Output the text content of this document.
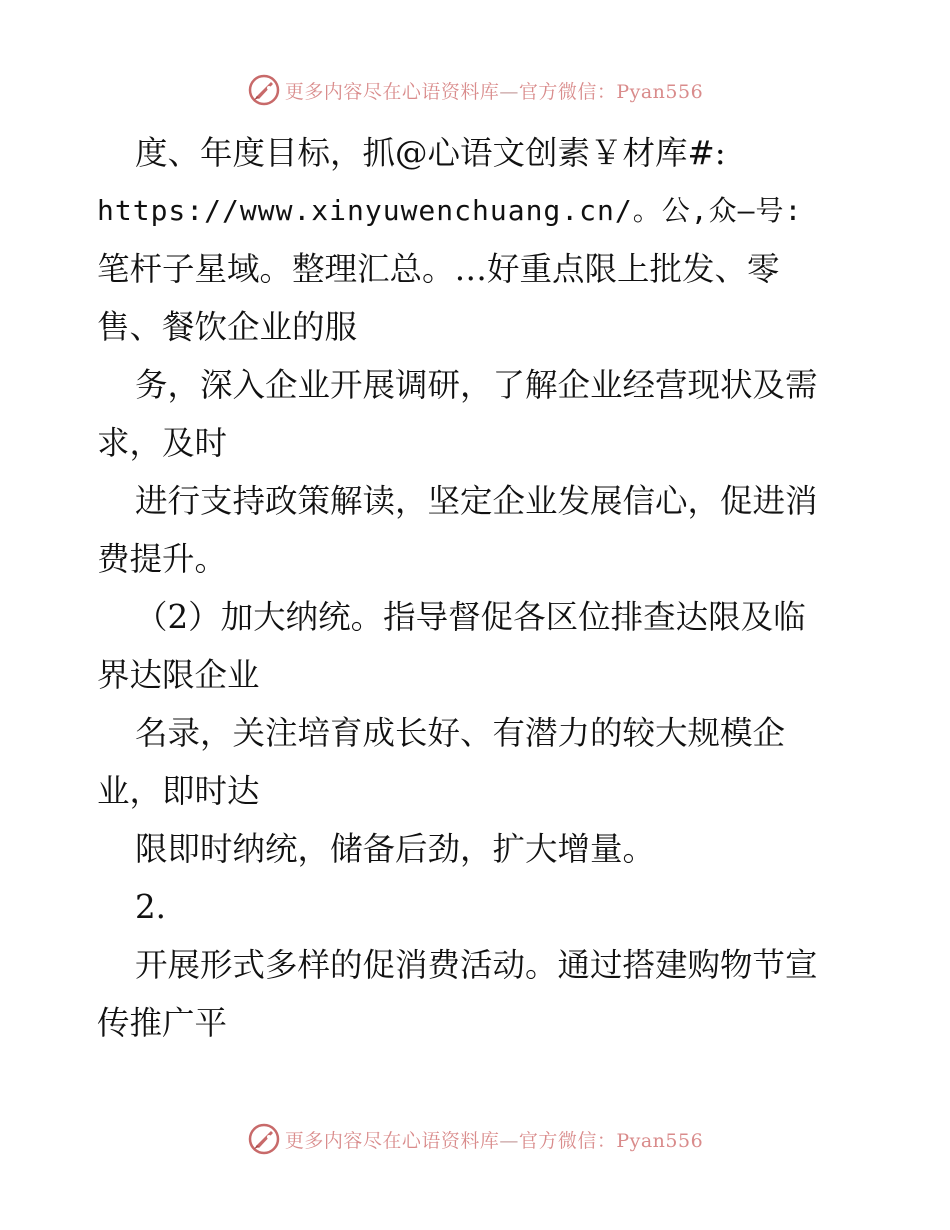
更多内容尽在心语资料库—官方微信：Pyan556
度、年度目标，抓@心语文创素￥材库#:
https://www.xinyuwenchuang.cn/。公,众—号:
笔杆子星域。整理汇总。…好重点限上批发、零
售、餐饮企业的服
务，深入企业开展调研，了解企业经营现状及需
求，及时
进行支持政策解读，坚定企业发展信心，促进消
费提升。
（2）加大纳统。指导督促各区位排查达限及临
界达限企业
名录，关注培育成长好、有潜力的较大规模企
业，即时达
限即时纳统，储备后劲，扩大增量。
2.
开展形式多样的促消费活动。通过搭建购物节宣
传推广平
更多内容尽在心语资料库—官方微信：Pyan556
